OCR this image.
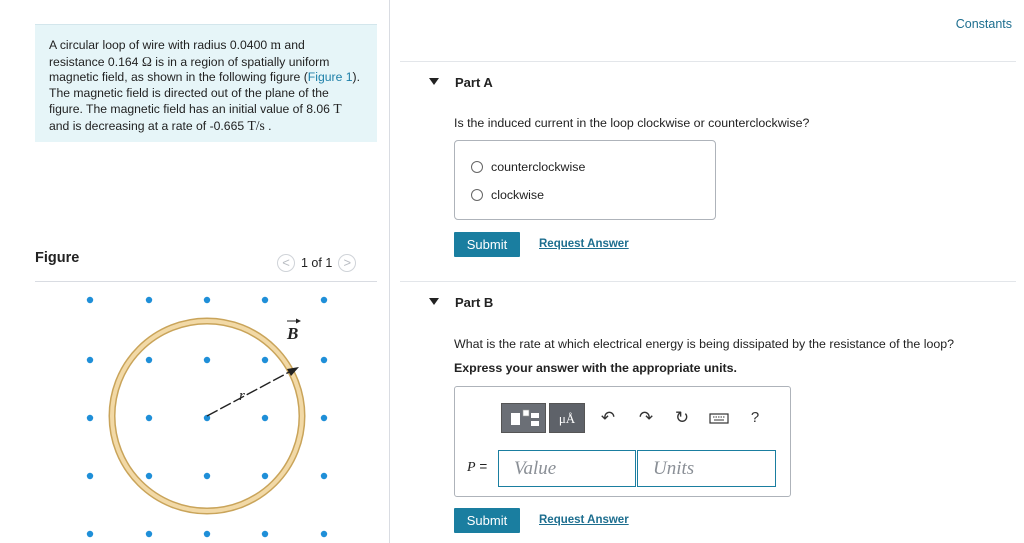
A circular loop of wire with radius 0.0400 m and resistance 0.164 Ω is in a region of spatially uniform magnetic field, as shown in the following figure (Figure 1). The magnetic field is directed out of the plane of the figure. The magnetic field has an initial value of 8.06 T and is decreasing at a rate of -0.665 T/s .
Figure	< 1 of 1 >
r
B
Constants
Part A
Is the induced current in the loop clockwise or counterclockwise?
counterclockwise
clockwise
Submit	Request Answer
Part B
What is the rate at which electrical energy is being dissipated by the resistance of the loop?
Express your answer with the appropriate units.
μÅ	↶ ↷ ↻	?
P =	Value	Units
Submit	Request Answer
